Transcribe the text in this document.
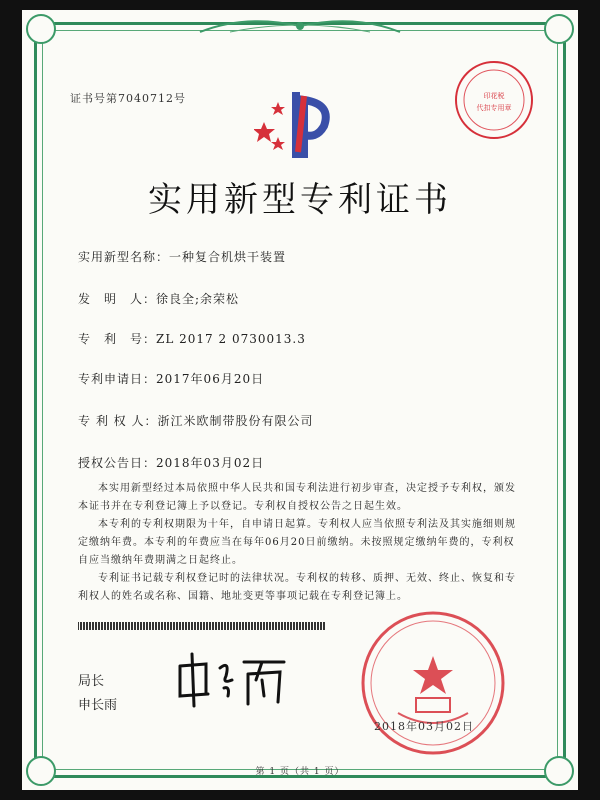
证书号第7040712号	印花税
代扣专用章
实用新型专利证书
实用新型名称：一种复合机烘干装置
发　明　人：徐良全;余荣松
专　利　号：ZL 2017 2 0730013.3
专利申请日：2017年06月20日
专 利 权 人：浙江米欧制带股份有限公司
授权公告日：2018年03月02日

本实用新型经过本局依照中华人民共和国专利法进行初步审查，决定授予专利权，颁发本证书并在专利登记簿上予以登记。专利权自授权公告之日起生效。

本专利的专利权期限为十年，自申请日起算。专利权人应当依照专利法及其实施细则规定缴纳年费。本专利的年费应当在每年06月20日前缴纳。未按照规定缴纳年费的，专利权自应当缴纳年费期满之日起终止。

专利证书记载专利权登记时的法律状况。专利权的转移、质押、无效、终止、恢复和专利权人的姓名或名称、国籍、地址变更等事项记载在专利登记簿上。

局长
申长雨
2018年03月02日
第 1 页（共 1 页）
